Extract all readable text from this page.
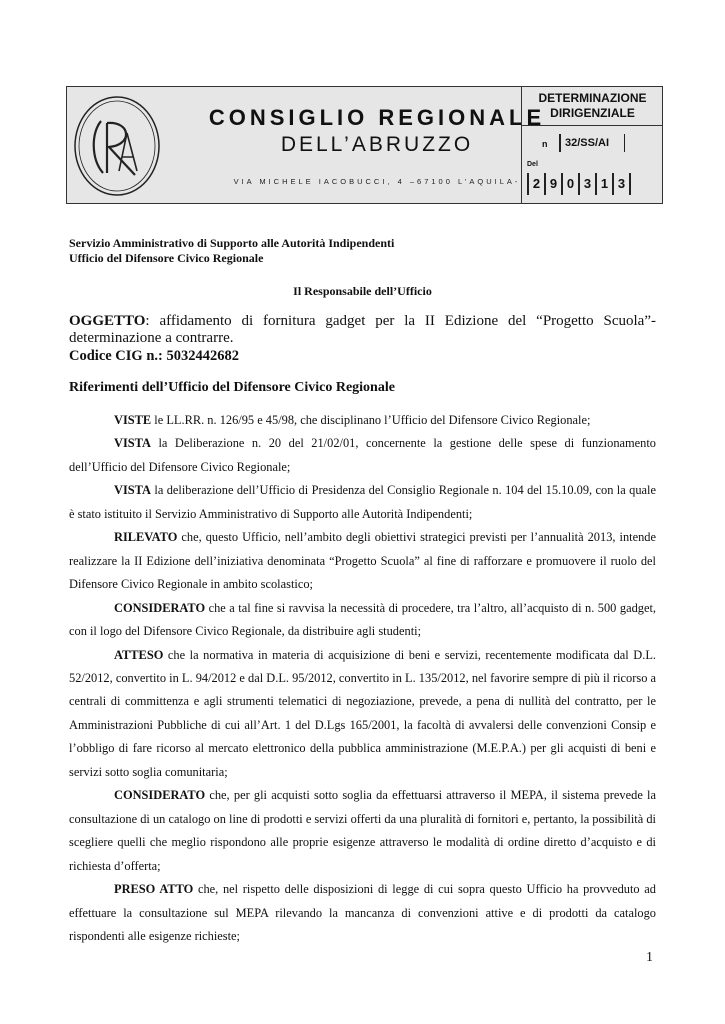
CONSIGLIO REGIONALE
DELL’ABRUZZO
VIA MICHELE IACOBUCCI, 4 –67100 L’AQUILA-
DETERMINAZIONE
DIRIGENZIALE
n	32/SS/AI
Del
2 9 0 3 1 3
Servizio Amministrativo di Supporto alle Autorità Indipendenti
Ufficio del Difensore Civico Regionale
Il Responsabile dell’Ufficio
OGGETTO: affidamento di fornitura gadget per la II Edizione del “Progetto Scuola”- determinazione a contrarre.
Codice CIG n.: 5032442682
Riferimenti dell’Ufficio del Difensore Civico Regionale

VISTE le LL.RR. n. 126/95 e 45/98, che disciplinano l’Ufficio del Difensore Civico Regionale;

VISTA la Deliberazione n. 20 del 21/02/01, concernente la gestione delle spese di funzionamento dell’Ufficio del Difensore Civico Regionale;

VISTA la deliberazione dell’Ufficio di Presidenza del Consiglio Regionale n. 104 del 15.10.09, con la quale è stato istituito il Servizio Amministrativo di Supporto alle Autorità Indipendenti;

RILEVATO che, questo Ufficio, nell’ambito degli obiettivi strategici previsti per l’annualità 2013, intende realizzare la II Edizione dell’iniziativa denominata “Progetto Scuola” al fine di rafforzare e promuovere il ruolo del Difensore Civico Regionale in ambito scolastico;

CONSIDERATO che a tal fine si ravvisa la necessità di procedere, tra l’altro, all’acquisto di n. 500 gadget, con il logo del Difensore Civico Regionale, da distribuire agli studenti;

ATTESO che la normativa in materia di acquisizione di beni e servizi, recentemente modificata dal D.L. 52/2012, convertito in L. 94/2012 e dal D.L. 95/2012, convertito in L. 135/2012, nel favorire sempre di più il ricorso a centrali di committenza e agli strumenti telematici di negoziazione, prevede, a pena di nullità del contratto, per le Amministrazioni Pubbliche di cui all’Art. 1 del D.Lgs 165/2001, la facoltà di avvalersi delle convenzioni Consip e l’obbligo di fare ricorso al mercato elettronico della pubblica amministrazione (M.E.P.A.) per gli acquisti di beni e servizi sotto soglia comunitaria;

CONSIDERATO che, per gli acquisti sotto soglia da effettuarsi attraverso il MEPA, il sistema prevede la consultazione di un catalogo on line di prodotti e servizi offerti da una pluralità di fornitori e, pertanto, la possibilità di scegliere quelli che meglio rispondono alle proprie esigenze attraverso le modalità di ordine diretto d’acquisto e di richiesta d’offerta;

PRESO ATTO che, nel rispetto delle disposizioni di legge di cui sopra questo Ufficio ha provveduto ad effettuare la consultazione sul MEPA rilevando la mancanza di convenzioni attive e di prodotti da catalogo rispondenti alle esigenze richieste;

1
